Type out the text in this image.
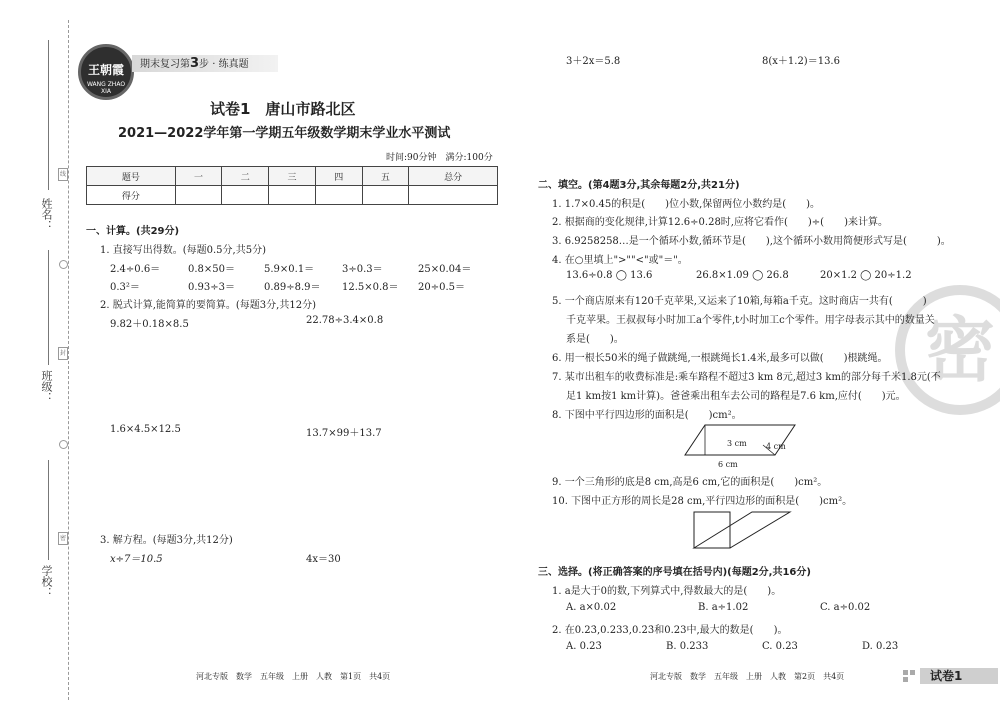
姓名：
班级：
学校：
线
封
密
王朝霞
WANG ZHAO XIA
期末复习第3步 · 练真题
试卷1　唐山市路北区
2021—2022学年第一学期五年级数学期末学业水平测试
时间:90分钟　满分:100分
题号	一	二	三	四	五	总分
得分						
一、计算。(共29分)
1. 直接写出得数。(每题0.5分,共5分)
2.4÷0.6＝	0.8×50＝	5.9×0.1＝	3÷0.3＝	25×0.04＝
0.3²＝	0.93÷3＝	0.89÷8.9＝ 12.5×0.8＝ 20÷0.5＝
2. 脱式计算,能简算的要简算。(每题3分,共12分)
9.82＋0.18×8.5	22.78÷3.4×0.8
1.6×4.5×12.5	13.7×99＋13.7
3. 解方程。(每题3分,共12分)
x÷7＝10.5	4x＝30
3＋2x＝5.8	8(x＋1.2)＝13.6
密
二、填空。(第4题3分,其余每题2分,共21分)
1. 1.7×0.45的积是(　　)位小数,保留两位小数约是(　　)。
2. 根据商的变化规律,计算12.6÷0.28时,应将它看作(　　)÷(　　)来计算。
3. 6.9258258…是一个循环小数,循环节是(　　),这个循环小数用简便形式写是(　　　)。
4. 在○里填上">""<"或"＝"。
13.6÷0.8 ◯ 13.6	26.8×1.09 ◯ 26.8	20×1.2 ◯ 20÷1.2
5. 一个商店原来有120千克苹果,又运来了10箱,每箱a千克。这时商店一共有(　　　)
千克苹果。王叔叔每小时加工a个零件,t小时加工c个零件。用字母表示其中的数量关
系是(　　)。
6. 用一根长50米的绳子做跳绳,一根跳绳长1.4米,最多可以做(　　)根跳绳。
7. 某市出租车的收费标准是:乘车路程不超过3 km 8元,超过3 km的部分每千米1.8元(不
足1 km按1 km计算)。爸爸乘出租车去公司的路程是7.6 km,应付(　　)元。
8. 下图中平行四边形的面积是(　　)cm²。
3 cm 4 cm
6 cm
9. 一个三角形的底是8 cm,高是6 cm,它的面积是(　　)cm²。
10. 下图中正方形的周长是28 cm,平行四边形的面积是(　　)cm²。
三、选择。(将正确答案的序号填在括号内)(每题2分,共16分)
1. a是大于0的数,下列算式中,得数最大的是(　　)。
A. a×0.02	B. a÷1.02	C. a÷0.02
2. 在0.23̇,0.233,0.2̇3̇和0.23中,最大的数是(　　)。
A. 0.23̇	B. 0.233	C. 0.23	D. 0.2̇3̇
河北专版　数学　五年级　上册　人教　第1页　共4页	河北专版　数学　五年级　上册　人教　第2页　共4页	试卷1
